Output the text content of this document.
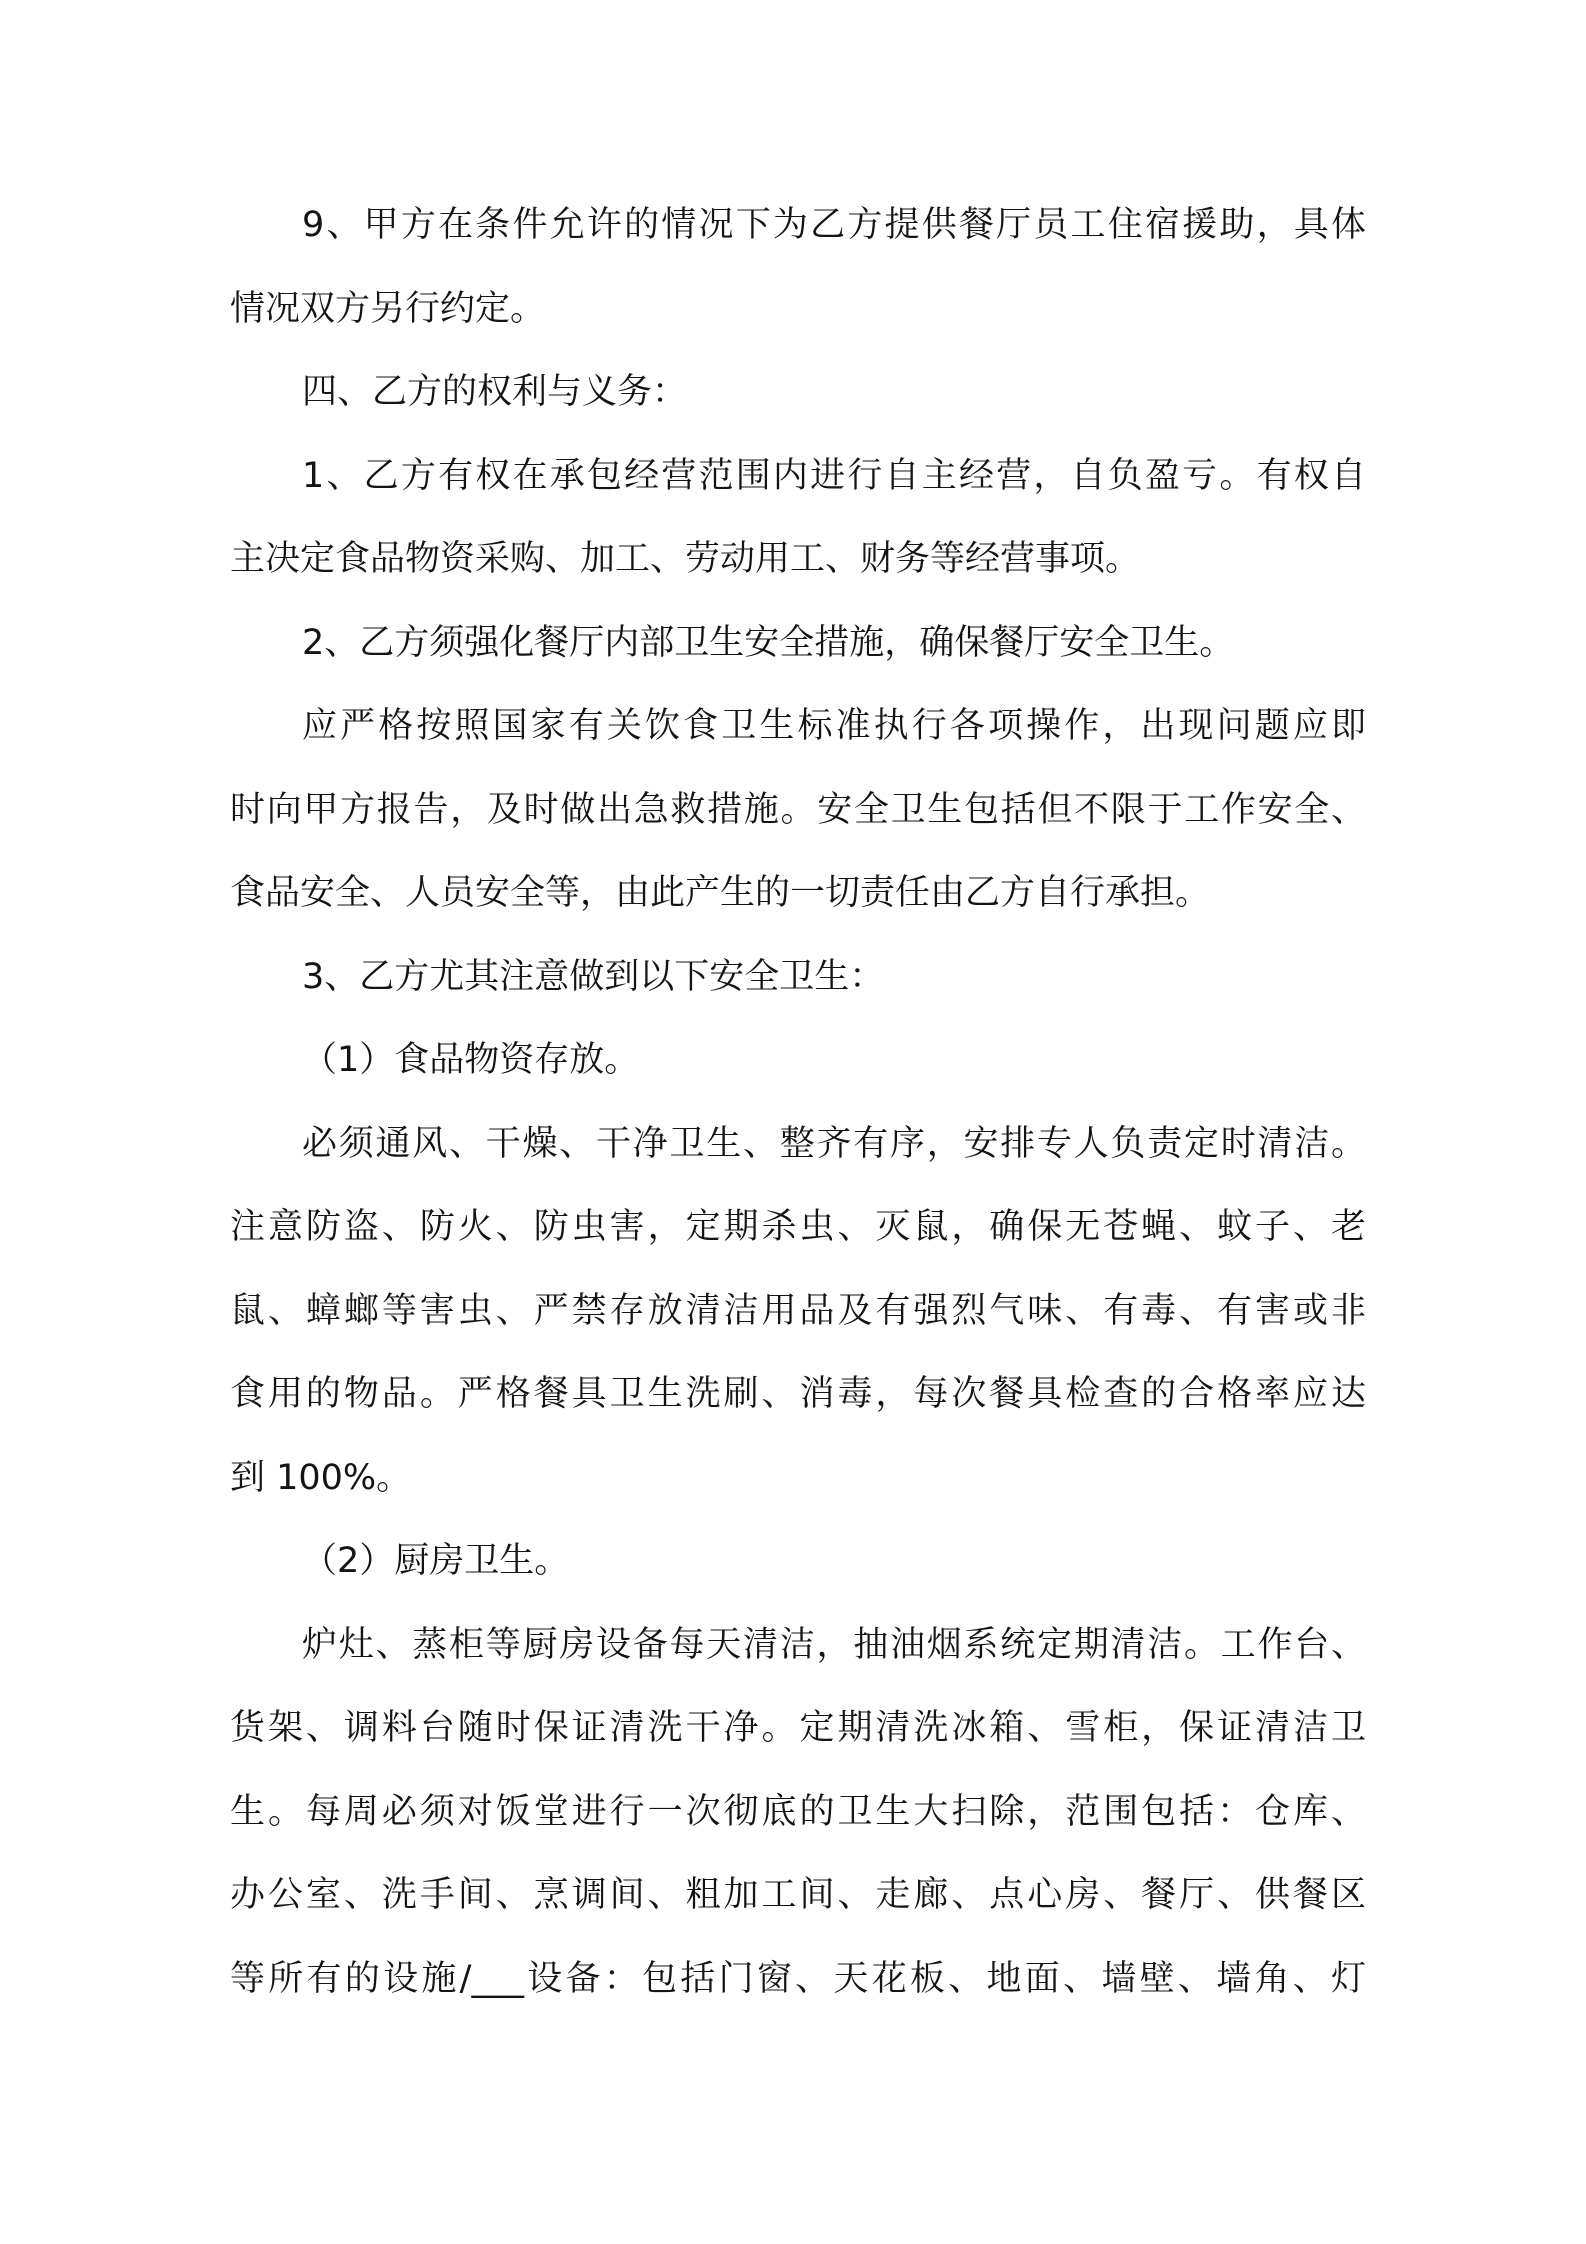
9、甲方在条件允许的情况下为乙方提供餐厅员工住宿援助，具体
情况双方另行约定。
四、乙方的权利与义务：
1、乙方有权在承包经营范围内进行自主经营，自负盈亏。有权自
主决定食品物资采购、加工、劳动用工、财务等经营事项。
2、乙方须强化餐厅内部卫生安全措施，确保餐厅安全卫生。
应严格按照国家有关饮食卫生标准执行各项操作，出现问题应即
时向甲方报告，及时做出急救措施。安全卫生包括但不限于工作安全、
食品安全、人员安全等，由此产生的一切责任由乙方自行承担。
3、乙方尤其注意做到以下安全卫生：
（1）食品物资存放。
必须通风、干燥、干净卫生、整齐有序，安排专人负责定时清洁。
注意防盗、防火、防虫害，定期杀虫、灭鼠，确保无苍蝇、蚊子、老
鼠、蟑螂等害虫、严禁存放清洁用品及有强烈气味、有毒、有害或非
食用的物品。严格餐具卫生洗刷、消毒，每次餐具检查的合格率应达
到 100%。
（2）厨房卫生。
炉灶、蒸柜等厨房设备每天清洁，抽油烟系统定期清洁。工作台、
货架、调料台随时保证清洗干净。定期清洗冰箱、雪柜，保证清洁卫
生。每周必须对饭堂进行一次彻底的卫生大扫除，范围包括：仓库、
办公室、洗手间、烹调间、粗加工间、走廊、点心房、餐厅、供餐区
等所有的设施/___设备：包括门窗、天花板、地面、墙壁、墙角、灯
